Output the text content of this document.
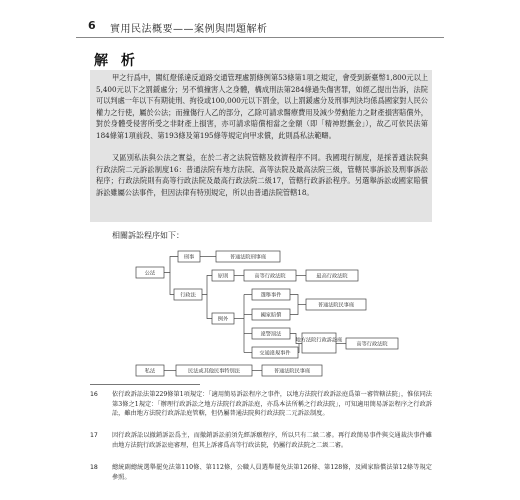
6 實用民法概要——案例與問題解析
解 析
甲之行爲中，闖紅燈係違反道路交通管理處罰條例第53條第1項之規定，會受到新臺幣1,800元以上5,400元以下之罰鍰處分；另不慎撞害人之身體，構成刑法第284條過失傷害罪，如經乙提出告訴，法院可以判處一年以下有期徒刑、拘役或100,000元以下罰金，以上罰鍰處分及刑事判決均係爲國家對人民公權力之行使，屬於公法；而撞傷行人乙的部分，乙除可請求醫療費用及減少勞動能力之財產損害賠償外，對於身體受侵害所受之非財產上損害，亦可請求賠償相當之金額（即「精神慰撫金」），故乙可依民法第184條第1項前段、第193條及第195條等規定向甲求償，此則爲私法範疇。
又區別私法與公法之實益，在於二者之法院管轄及救濟程序不同。我國現行制度，是採普通法院與行政法院二元訴訟制度16：普通法院有地方法院、高等法院及最高法院三級，管轄民事訴訟及刑事訴訟程序；行政法院則有高等行政法院及最高行政法院二級17，管轄行政訴訟程序。另選舉訴訟或國家賠償訴訟雖屬公法事件，但因法律有特別規定，所以由普通法院管轄18。
相關訴訟程序如下：
公法
刑事
行政法
私法
普通法院刑事庭
原則	高等行政法院	最高行政法院
例外
選舉事件
國家賠償
普通法院民事庭
違警罰法
交通違規事件
地方法院行政訴訟庭
高等行政法院
民法或其他民事特別法	普通法院民事庭
16 依行政訴訟法第229條第1項規定：「適用簡易訴訟程序之事件，以地方法院行政訴訟庭爲第一審管轄法院」，惟依同法第3條之1規定：「辦理行政訴訟之地方法院行政訴訟庭，亦爲本法所稱之行政法院」，可知適用簡易訴訟程序之行政訴訟，雖由地方法院行政訴訟庭管轄，但仍屬普通法院與行政法院二元訴訟制度。
17 因行政訴訟以撤銷訴訟爲主，而撤銷訴訟前須先經訴願程序，所以只有二級二審。再行政簡易事件與交通裁決事件雖由地方法院行政訴訟庭審理，但其上訴審爲高等行政法院，仍屬行政法院之二級二審。
18 總統副總統選舉罷免法第110條、第112條，公職人員選舉罷免法第126條、第128條，及國家賠償法第12條等規定參照。
